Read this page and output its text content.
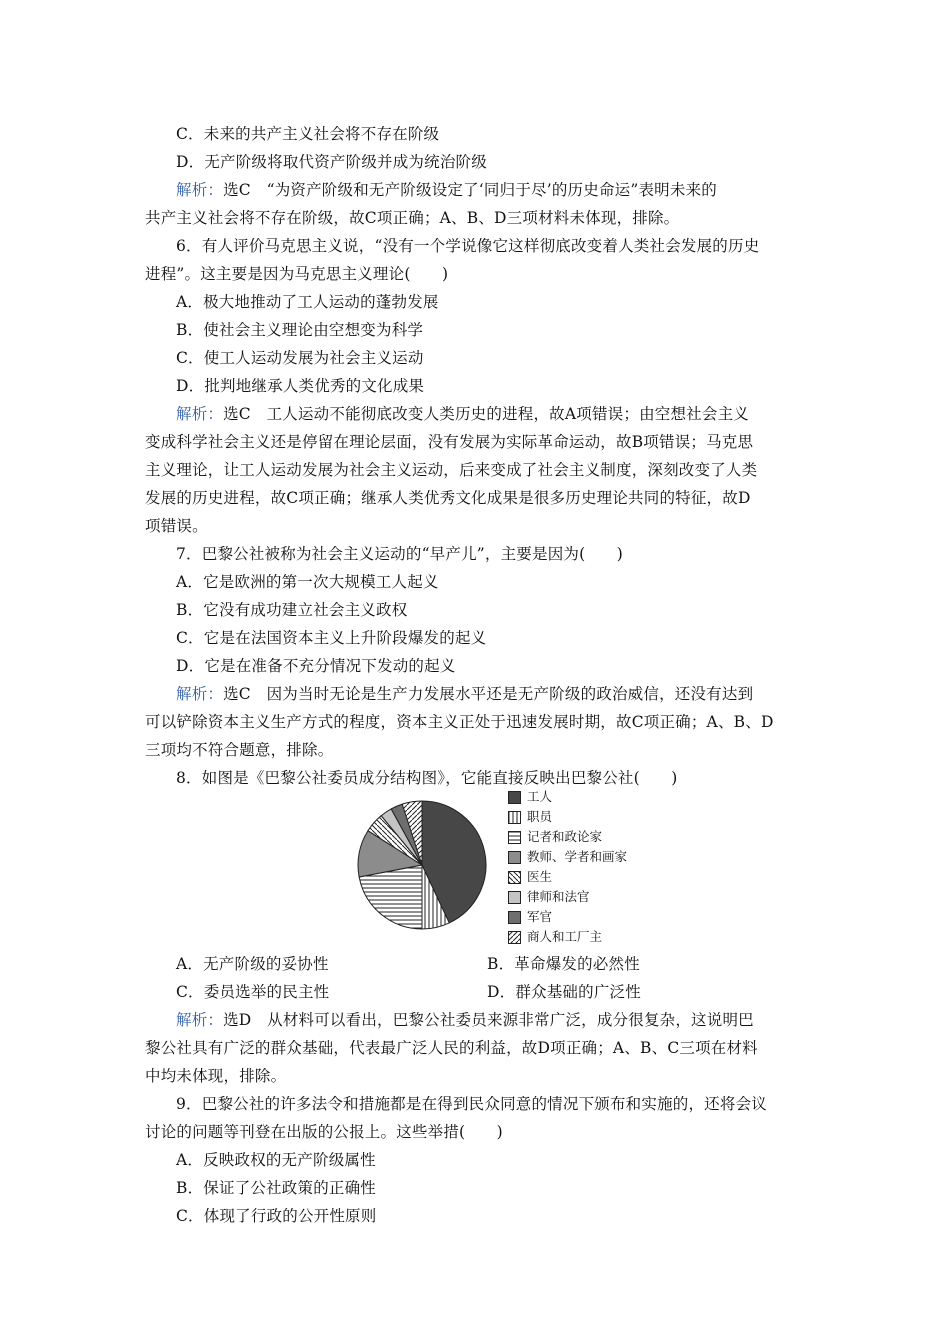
C．未来的共产主义社会将不存在阶级
D．无产阶级将取代资产阶级并成为统治阶级
解析：选C　“为资产阶级和无产阶级设定了‘同归于尽’的历史命运”表明未来的
共产主义社会将不存在阶级，故C项正确；A、B、D三项材料未体现，排除。
6．有人评价马克思主义说，“没有一个学说像它这样彻底改变着人类社会发展的历史
进程”。这主要是因为马克思主义理论(　　)
A．极大地推动了工人运动的蓬勃发展
B．使社会主义理论由空想变为科学
C．使工人运动发展为社会主义运动
D．批判地继承人类优秀的文化成果
解析：选C　工人运动不能彻底改变人类历史的进程，故A项错误；由空想社会主义
变成科学社会主义还是停留在理论层面，没有发展为实际革命运动，故B项错误；马克思
主义理论，让工人运动发展为社会主义运动，后来变成了社会主义制度，深刻改变了人类
发展的历史进程，故C项正确；继承人类优秀文化成果是很多历史理论共同的特征，故D
项错误。
7．巴黎公社被称为社会主义运动的“早产儿”，主要是因为(　　)
A．它是欧洲的第一次大规模工人起义
B．它没有成功建立社会主义政权
C．它是在法国资本主义上升阶段爆发的起义
D．它是在准备不充分情况下发动的起义
解析：选C　因为当时无论是生产力发展水平还是无产阶级的政治威信，还没有达到
可以铲除资本主义生产方式的程度，资本主义正处于迅速发展时期，故C项正确；A、B、D
三项均不符合题意，排除。
8．如图是《巴黎公社委员成分结构图》，它能直接反映出巴黎公社(　　)
A．无产阶级的妥协性	B．革命爆发的必然性
C．委员选举的民主性	D．群众基础的广泛性
解析：选D　从材料可以看出，巴黎公社委员来源非常广泛，成分很复杂，这说明巴
黎公社具有广泛的群众基础，代表最广泛人民的利益，故D项正确；A、B、C三项在材料
中均未体现，排除。
9．巴黎公社的许多法令和措施都是在得到民众同意的情况下颁布和实施的，还将会议
讨论的问题等刊登在出版的公报上。这些举措(　　)
A．反映政权的无产阶级属性
B．保证了公社政策的正确性
C．体现了行政的公开性原则
工人
职员
记者和政论家
教师、学者和画家
医生
律师和法官
军官
商人和工厂主
